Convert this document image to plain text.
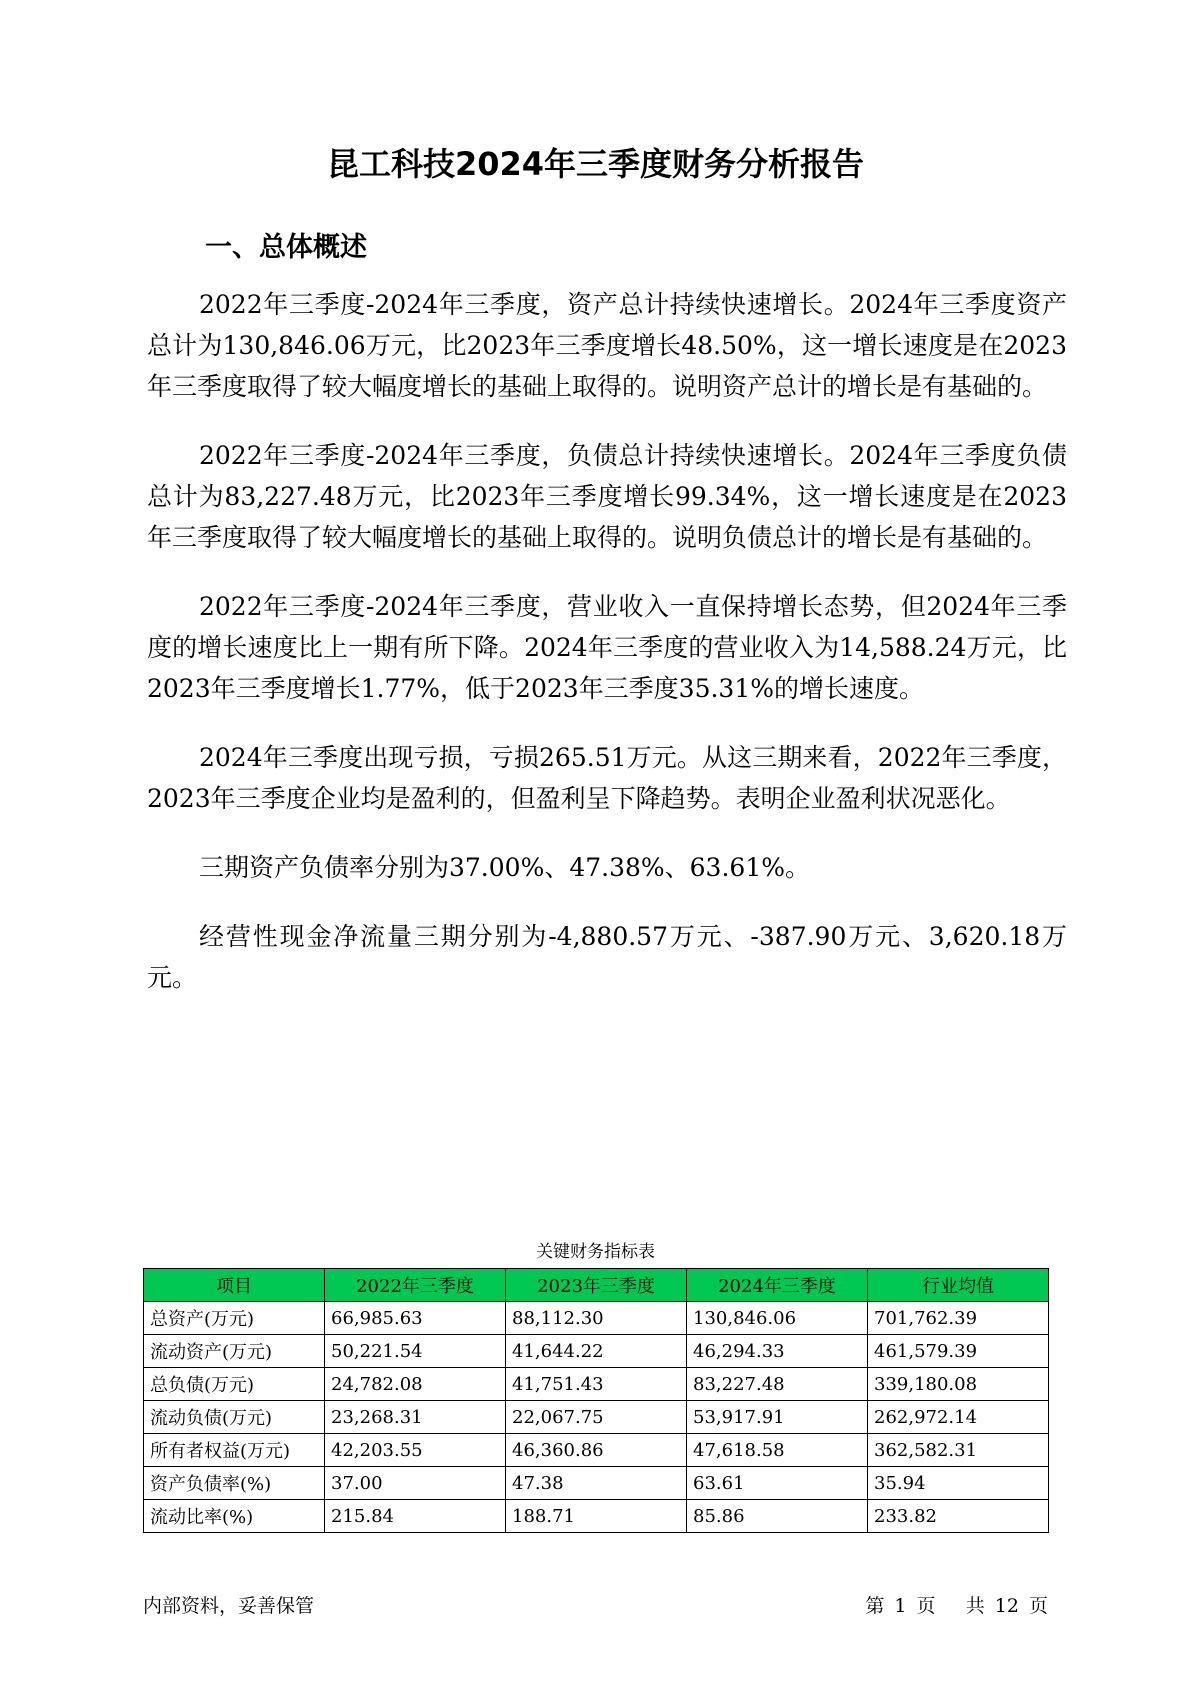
昆工科技2024年三季度财务分析报告
一、总体概述

2022年三季度-2024年三季度，资产总计持续快速增长。2024年三季度资产总计为130,846.06万元，比2023年三季度增长48.50%，这一增长速度是在2023年三季度取得了较大幅度增长的基础上取得的。说明资产总计的增长是有基础的。

2022年三季度-2024年三季度，负债总计持续快速增长。2024年三季度负债总计为83,227.48万元，比2023年三季度增长99.34%，这一增长速度是在2023年三季度取得了较大幅度增长的基础上取得的。说明负债总计的增长是有基础的。

2022年三季度-2024年三季度，营业收入一直保持增长态势，但2024年三季度的增长速度比上一期有所下降。2024年三季度的营业收入为14,588.24万元，比2023年三季度增长1.77%，低于2023年三季度35.31%的增长速度。

2024年三季度出现亏损，亏损265.51万元。从这三期来看，2022年三季度，2023年三季度企业均是盈利的，但盈利呈下降趋势。表明企业盈利状况恶化。

三期资产负债率分别为37.00%、47.38%、63.61%。

经营性现金净流量三期分别为-4,880.57万元、-387.90万元、3,620.18万元。

关键财务指标表
项目	2022年三季度	2023年三季度	2024年三季度	行业均值
总资产(万元)	66,985.63	88,112.30	130,846.06	701,762.39
流动资产(万元)	50,221.54	41,644.22	46,294.33	461,579.39
总负债(万元)	24,782.08	41,751.43	83,227.48	339,180.08
流动负债(万元)	23,268.31	22,067.75	53,917.91	262,972.14
所有者权益(万元)	42,203.55	46,360.86	47,618.58	362,582.31
资产负债率(%)	37.00	47.38	63.61	35.94
流动比率(%)	215.84	188.71	85.86	233.82
内部资料，妥善保管	第 1 页 共 12 页
